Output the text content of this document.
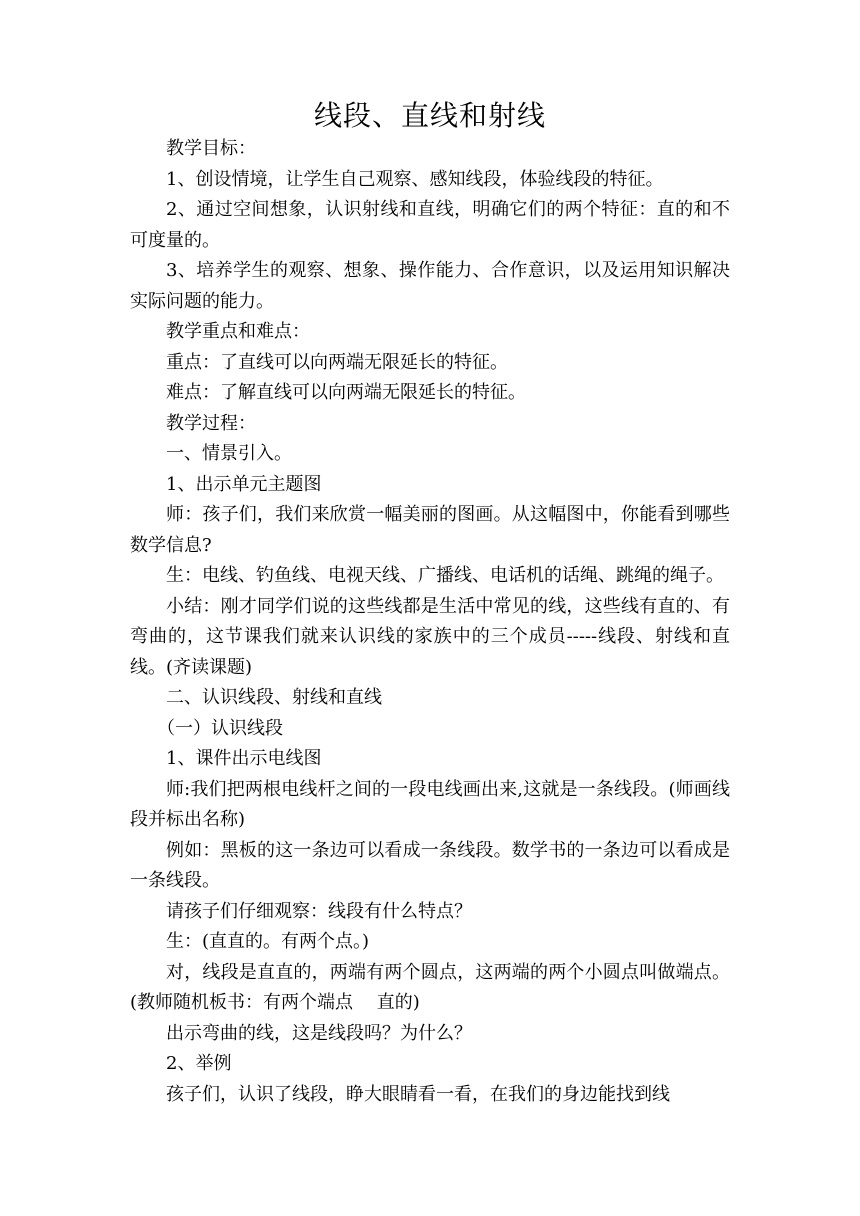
线段、直线和射线

教学目标：

1、创设情境，让学生自己观察、感知线段，体验线段的特征。

2、通过空间想象，认识射线和直线，明确它们的两个特征：直的和不可度量的。

3、培养学生的观察、想象、操作能力、合作意识，以及运用知识解决实际问题的能力。

教学重点和难点：

重点：了直线可以向两端无限延长的特征。

难点：了解直线可以向两端无限延长的特征。

教学过程：

一、情景引入。

1、出示单元主题图

师：孩子们，我们来欣赏一幅美丽的图画。从这幅图中，你能看到哪些数学信息?

生：电线、钓鱼线、电视天线、广播线、电话机的话绳、跳绳的绳子。

小结：刚才同学们说的这些线都是生活中常见的线，这些线有直的、有弯曲的，这节课我们就来认识线的家族中的三个成员-----线段、射线和直线。(齐读课题)

二、认识线段、射线和直线

（一）认识线段

1、课件出示电线图

师:我们把两根电线杆之间的一段电线画出来,这就是一条线段。(师画线段并标出名称)

例如：黑板的这一条边可以看成一条线段。数学书的一条边可以看成是一条线段。

请孩子们仔细观察：线段有什么特点？

生：(直直的。有两个点。)

对，线段是直直的，两端有两个圆点，这两端的两个小圆点叫做端点。(教师随机板书：有两个端点　 直的)

出示弯曲的线，这是线段吗？为什么？

2、举例

孩子们，认识了线段，睁大眼睛看一看，在我们的身边能找到线
